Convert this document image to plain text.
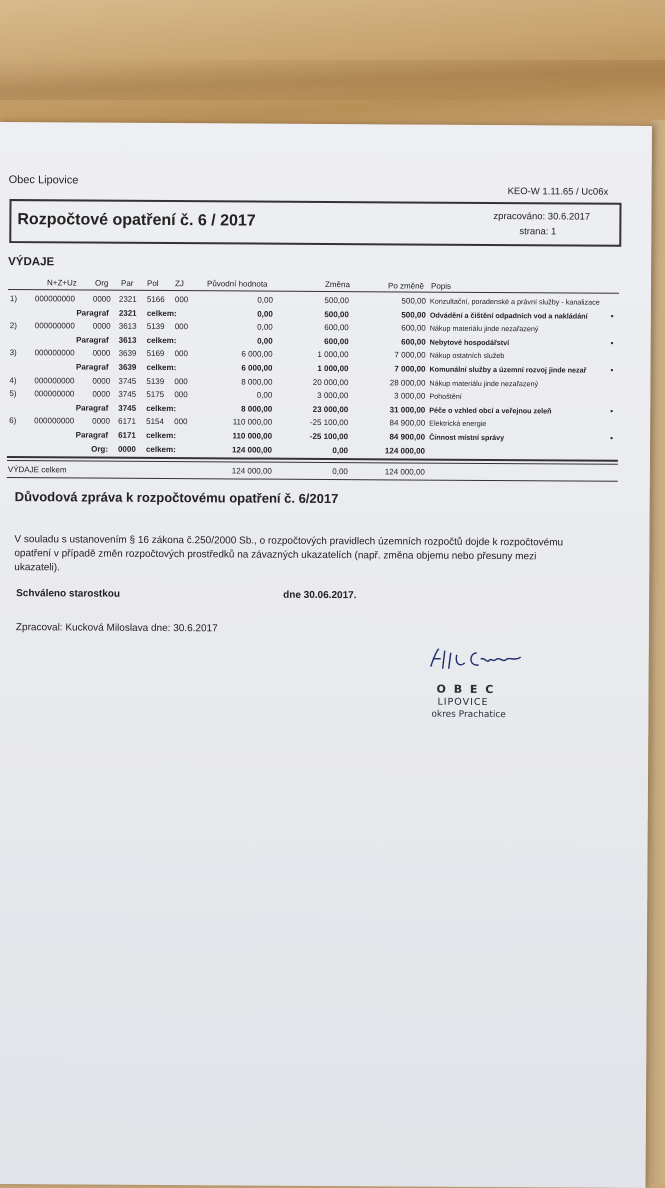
Obec Lipovice
KEO-W 1.11.65 / Uc06x
Rozpočtové opatření č. 6 / 2017	zpracováno: 30.6.2017
strana: 1
VÝDAJE
N+Z+Uz Org Par Pol ZJ	Původní hodnota	Změna	Po změně Popis
1) 000000000 0000 2321 5166 000	0,00	500,00	500,00 Konzultační, poradenské a právní služby - kanalizace
Paragraf 2321 celkem:	0,00	500,00	500,00 Odvádění a čištění odpadních vod a nakládání	•
2) 000000000 0000 3613 5139 000	0,00	600,00	600,00 Nákup materiálu jinde nezařazený
Paragraf 3613 celkem:	0,00	600,00	600,00 Nebytové hospodářství	•
3) 000000000 0000 3639 5169 000	6 000,00	1 000,00	7 000,00 Nákup ostatních služeb
Paragraf 3639 celkem:	6 000,00	1 000,00	7 000,00 Komunální služby a územní rozvoj jinde nezař	•
4) 000000000 0000 3745 5139 000	8 000,00	20 000,00	28 000,00 Nákup materiálu jinde nezařazený
5) 000000000 0000 3745 5175 000	0,00	3 000,00	3 000,00 Pohoštění
Paragraf 3745 celkem:	8 000,00	23 000,00	31 000,00 Péče o vzhled obcí a veřejnou zeleň	•
6) 000000000 0000 6171 5154 000	110 000,00	-25 100,00	84 900,00 Elektrická energie
Paragraf 6171 celkem:	110 000,00	-25 100,00	84 900,00 Činnost místní správy	•
Org: 0000 celkem:	124 000,00	0,00	124 000,00
VÝDAJE celkem	124 000,00	0,00	124 000,00
Důvodová zpráva k rozpočtovému opatření č. 6/2017
V souladu s ustanovením § 16 zákona č.250/2000 Sb., o rozpočtových pravidlech územních rozpočtů dojde k rozpočtovému
opatření v případě změn rozpočtových prostředků na závazných ukazatelích (např. změna objemu nebo přesuny mezi
ukazateli).
Schváleno starostkou	dne 30.06.2017.
Zpracoval: Kucková Miloslava dne: 30.6.2017
O B E C
LIPOVICE
okres Prachatice
